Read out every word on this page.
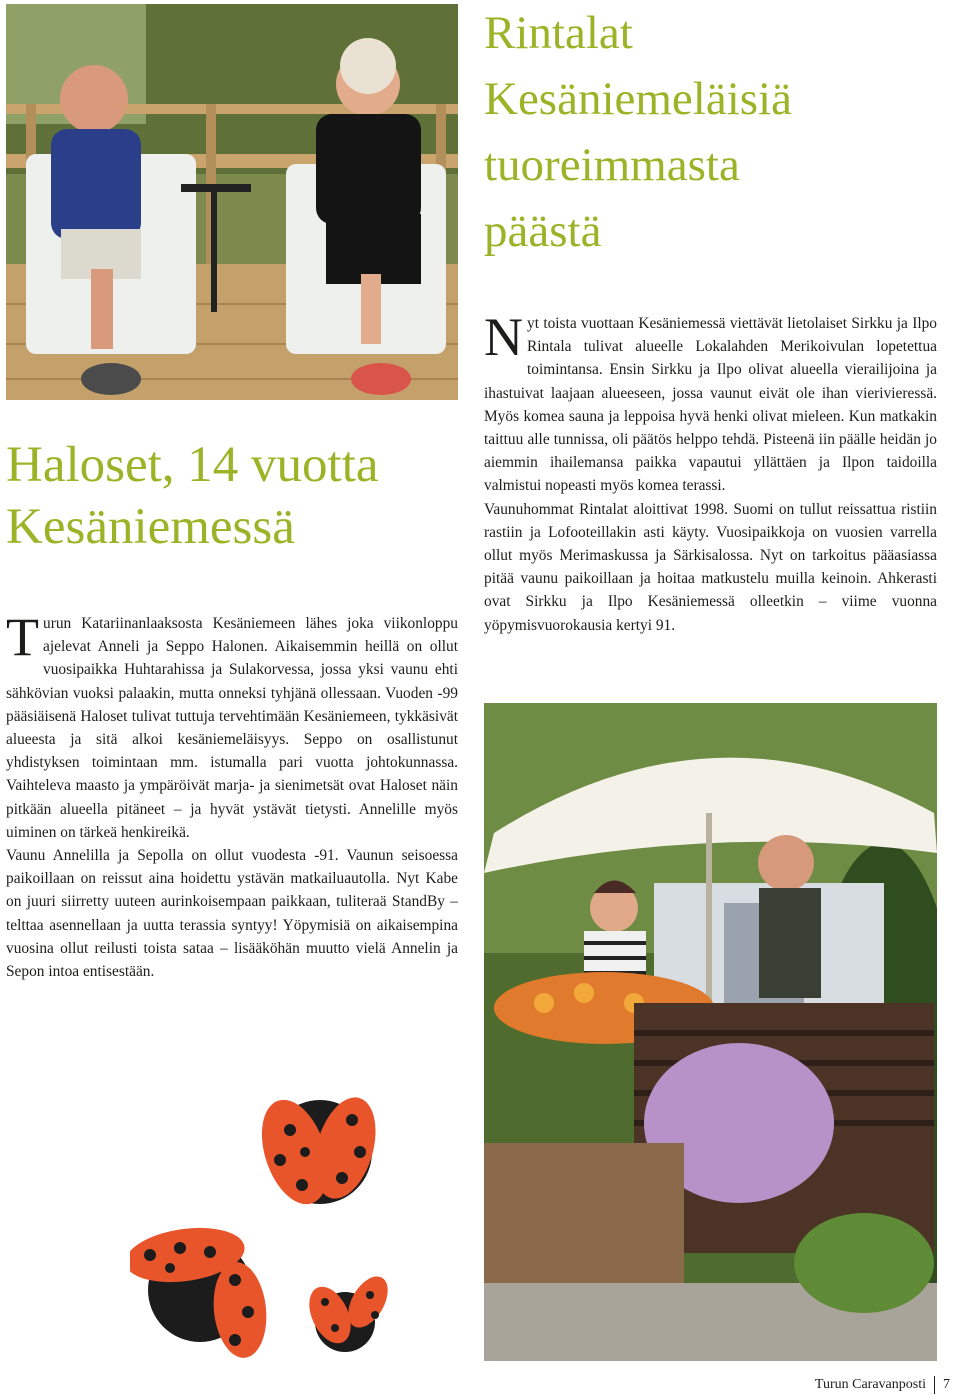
Haloset, 14 vuotta
Kesäniemessä

Turun Katariinanlaaksosta Kesäniemeen lähes joka viikonloppu ajelevat Anneli ja Seppo Halonen. Aikaisemmin heillä on ollut vuosipaikka Huhtarahissa ja Sulakorvessa, jossa yksi vaunu ehti sähkövian vuoksi palaakin, mutta onneksi tyhjänä ollessaan. Vuoden -99 pääsiäisenä Haloset tulivat tuttuja tervehtimään Kesäniemeen, tykkäsivät alueesta ja sitä alkoi kesäniemeläisyys. Seppo on osallistunut yhdistyksen toimintaan mm. istumalla pari vuotta johtokunnassa. Vaihteleva maasto ja ympäröivät marja- ja sienimetsät ovat Haloset näin pitkään alueella pitäneet – ja hyvät ystävät tietysti. Annelille myös uiminen on tärkeä henkireikä.

Vaunu Annelilla ja Sepolla on ollut vuodesta -91. Vaunun seisoessa paikoillaan on reissut aina hoidettu ystävän matkailuautolla. Nyt Kabe on juuri siirretty uuteen aurinkoisempaan paikkaan, tuliteraä StandBy – telttaa asennellaan ja uutta terassia syntyy! Yöpymisiä on aikaisempina vuosina ollut reilusti toista sataa – lisääköhän muutto vielä Annelin ja Sepon intoa entisestään.

Rintalat
Kesäniemeläisiä
tuoreimmasta
päästä

Nyt toista vuottaan Kesäniemessä viettävät lietolaiset Sirkku ja Ilpo Rintala tulivat alueelle Lokalahden Merikoivulan lopetettua toimintansa. Ensin Sirkku ja Ilpo olivat alueella vierailijoina ja ihastuivat laajaan alueeseen, jossa vaunut eivät ole ihan vierivieressä. Myös komea sauna ja leppoisa hyvä henki olivat mieleen. Kun matkakin taittuu alle tunnissa, oli päätös helppo tehdä. Pisteenä iin päälle heidän jo aiemmin ihailemansa paikka vapautui yllättäen ja Ilpon taidoilla valmistui nopeasti myös komea terassi.

Vaunuhommat Rintalat aloittivat 1998. Suomi on tullut reissattua ristiin rastiin ja Lofooteillakin asti käyty. Vuosipaikkoja on vuosien varrella ollut myös Merimaskussa ja Särkisalossa. Nyt on tarkoitus pääasiassa pitää vaunu paikoillaan ja hoitaa matkustelu muilla keinoin. Ahkerasti ovat Sirkku ja Ilpo Kesäniemessä olleetkin – viime vuonna yöpymisvuorokausia kertyi 91.

Turun Caravanposti 7
